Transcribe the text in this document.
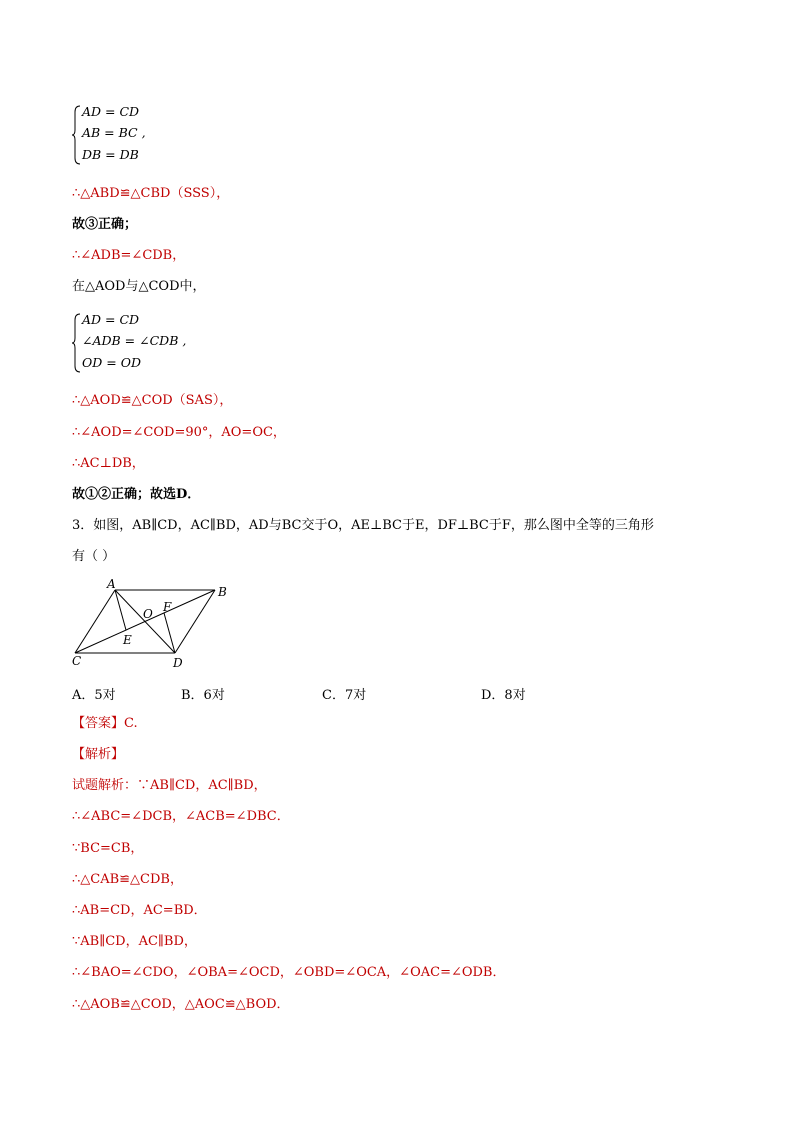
AD = CD
AB = BC ,
DB = DB
∴△ABD≌△CBD（SSS），
故③正确；
∴∠ADB=∠CDB，
在△AOD与△COD中，
AD = CD
∠ADB = ∠CDB ,
OD = OD
∴△AOD≌△COD（SAS），
∴∠AOD=∠COD=90°，AO=OC，
∴AC⊥DB，
故①②正确；故选D．
3．如图，AB∥CD，AC∥BD，AD与BC交于O，AE⊥BC于E，DF⊥BC于F，那么图中全等的三角形
有（ ）
A
B
C	D
O F
E
A．5对	B．6对	C．7对	D．8对
【答案】C.
【解析】
试题解析：∵AB∥CD，AC∥BD，
∴∠ABC=∠DCB，∠ACB=∠DBC．
∵BC=CB，
∴△CAB≌△CDB，
∴AB=CD，AC=BD．
∵AB∥CD，AC∥BD，
∴∠BAO=∠CDO，∠OBA=∠OCD，∠OBD=∠OCA，∠OAC=∠ODB．
∴△AOB≌△COD，△AOC≌△BOD．
